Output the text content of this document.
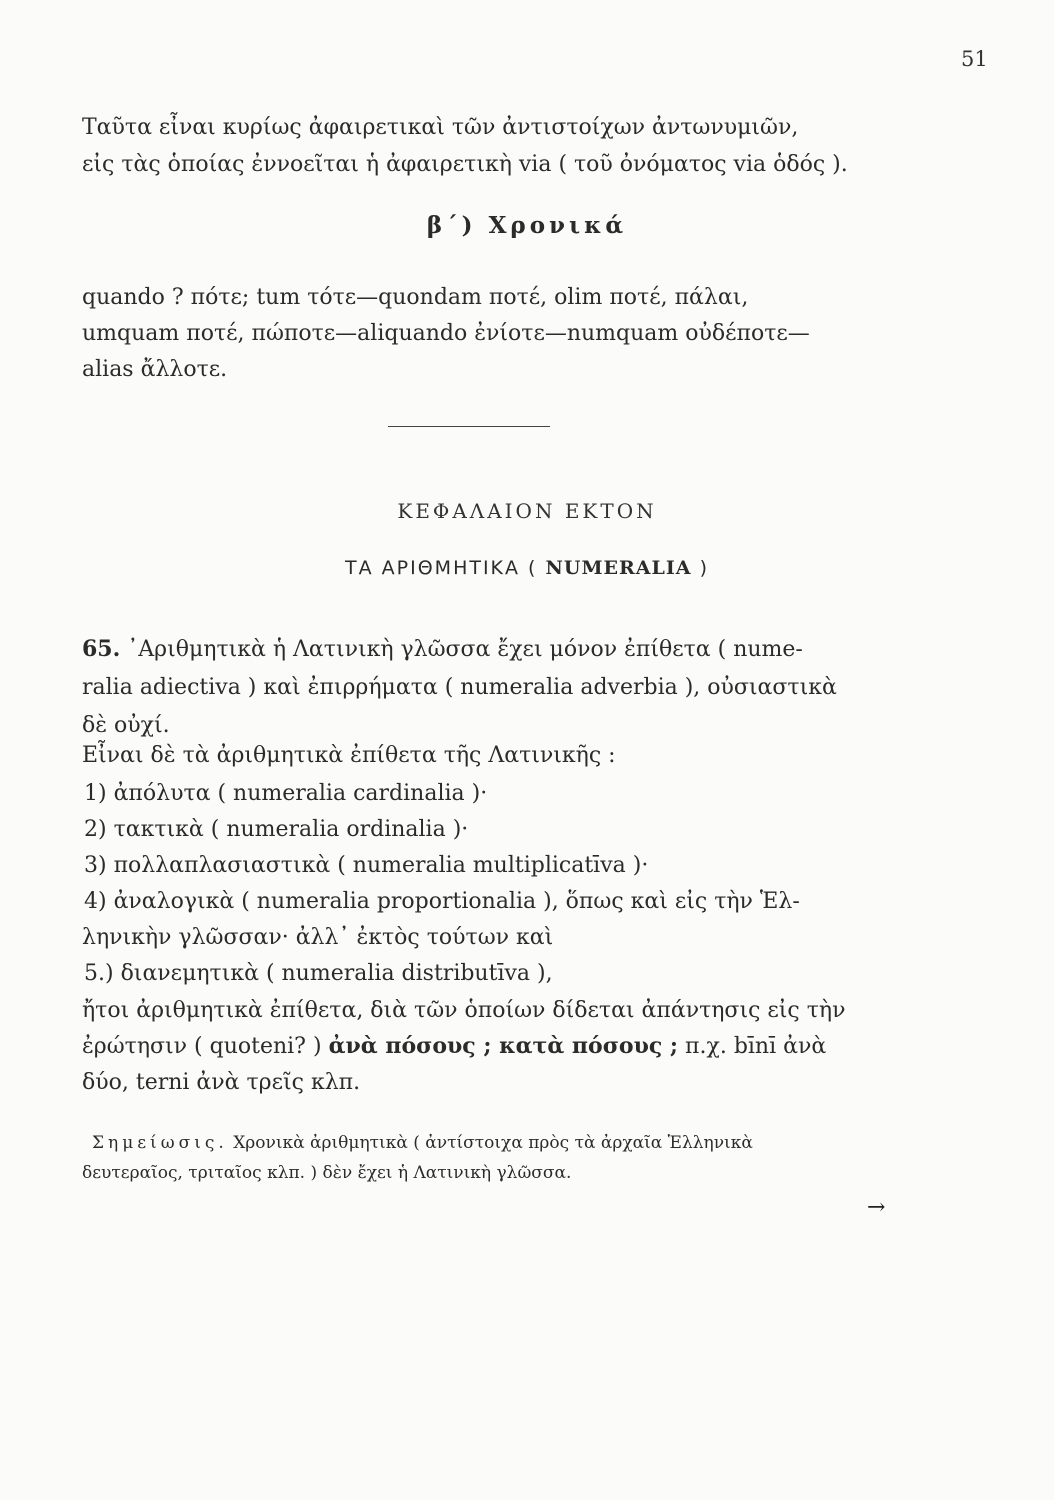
51
Ταῦτα εἶναι κυρίως ἀφαιρετικαὶ τῶν ἀντιστοίχων ἀντωνυμιῶν,
εἰς τὰς ὁποίας ἐννοεῖται ἡ ἀφαιρετικὴ via ( τοῦ ὀνόματος via ὁδός ).
β΄) Χρονικά
quando ? πότε; tum τότε—quondam ποτέ, olim ποτέ, πάλαι,
umquam ποτέ, πώποτε—aliquando ἐνίοτε—numquam οὐδέποτε—
alias ἄλλοτε.
ΚΕΦΑΛΑΙΟΝ ΕΚΤΟΝ
ΤΑ ΑΡΙΘΜΗΤΙΚΑ ( NUMERALIA )
65. ᾿Αριθμητικὰ ἡ Λατινικὴ γλῶσσα ἔχει μόνον ἐπίθετα ( nume-
ralia adiectiva ) καὶ ἐπιρρήματα ( numeralia adverbia ), οὐσιαστικὰ
δὲ οὐχί.
Εἶναι δὲ τὰ ἀριθμητικὰ ἐπίθετα τῆς Λατινικῆς :
1) ἀπόλυτα ( numeralia cardinalia )·
2) τακτικὰ ( numeralia ordinalia )·
3) πολλαπλασιαστικὰ ( numeralia multiplicatīva )·
4) ἀναλογικὰ ( numeralia proportionalia ), ὅπως καὶ εἰς τὴν Ἑλ-
ληνικὴν γλῶσσαν· ἀλλ᾿ ἐκτὸς τούτων καὶ
5.) διανεμητικὰ ( numeralia distributīva ),
ἤτοι ἀριθμητικὰ ἐπίθετα, διὰ τῶν ὁποίων δίδεται ἀπάντησις εἰς τὴν
ἐρώτησιν ( quoteni? ) ἀνὰ πόσους ; κατὰ πόσους ; π.χ. bīnī ἀνὰ
δύο, terni ἀνὰ τρεῖς κλπ.
Σημείωσις. Χρονικὰ ἀριθμητικὰ ( ἀντίστοιχα πρὸς τὰ ἀρχαῖα Ἑλληνικὰ
δευτεραῖος, τριταῖος κλπ. ) δὲν ἔχει ἡ Λατινικὴ γλῶσσα.
→
